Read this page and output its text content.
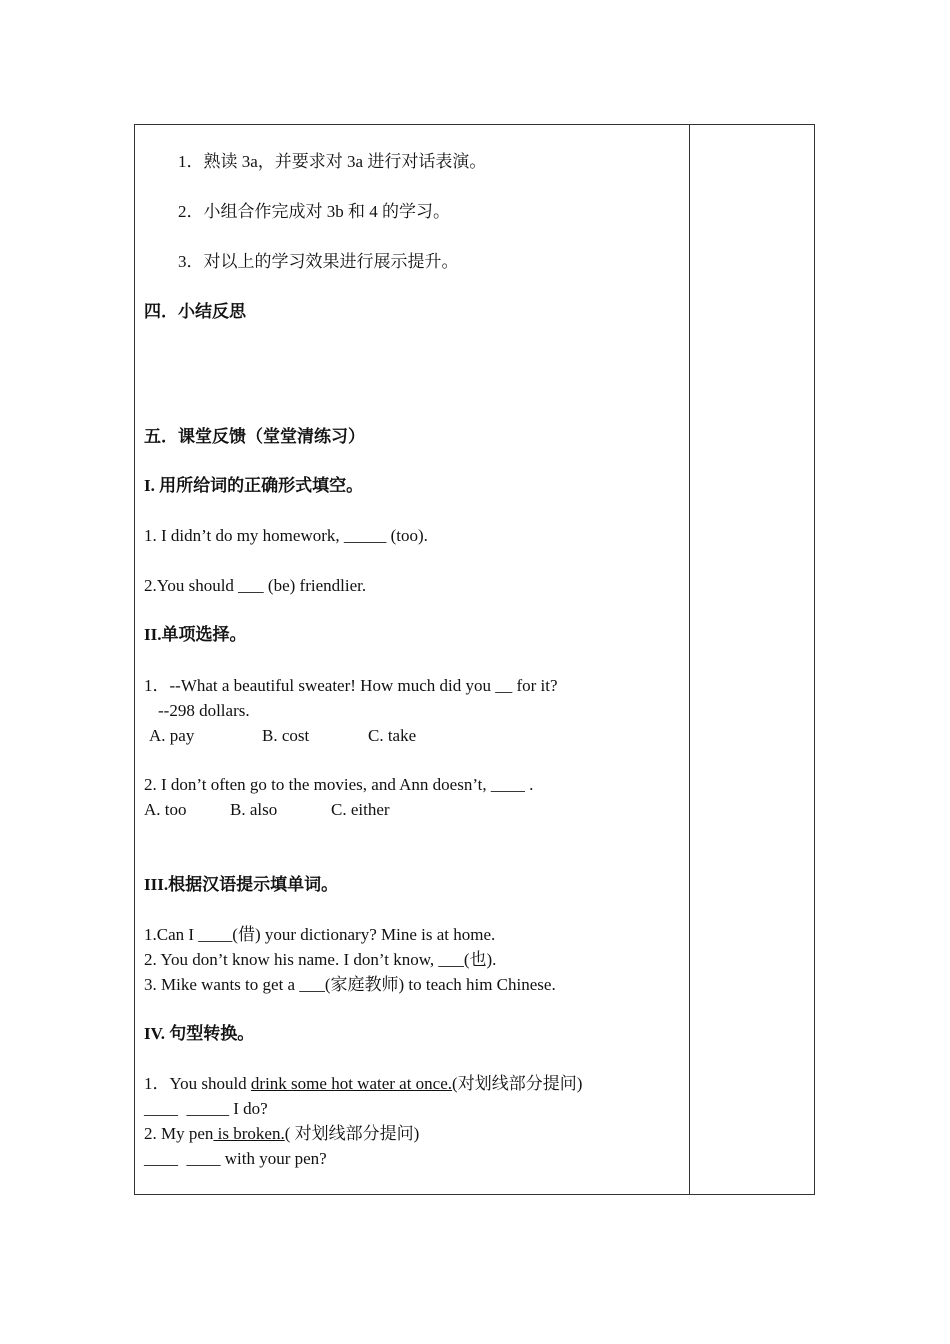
1．熟读 3a，并要求对 3a 进行对话表演。
2．小组合作完成对 3b 和 4 的学习。
3．对以上的学习效果进行展示提升。
四．小结反思
五．课堂反馈（堂堂清练习）
I. 用所给词的正确形式填空。
1. I didn’t do my homework, _____ (too).
2.You should ___ (be) friendlier.
II.单项选择。
1．--What a beautiful sweater! How much did you __ for it?
--298 dollars.
A. pay	B. cost	C. take
2. I don’t often go to the movies, and Ann doesn’t, ____ .
A. too	B. also	C. either
III.根据汉语提示填单词。
1.Can I ____(借) your dictionary? Mine is at home.
2. You don’t know his name. I don’t know, ___(也).
3. Mike wants to get a ___(家庭教师) to teach him Chinese.
IV. 句型转换。
1．You should drink some hot water at once.(对划线部分提问)
____  _____ I do?
2. My pen is broken.( 对划线部分提问)
____  ____ with your pen?
